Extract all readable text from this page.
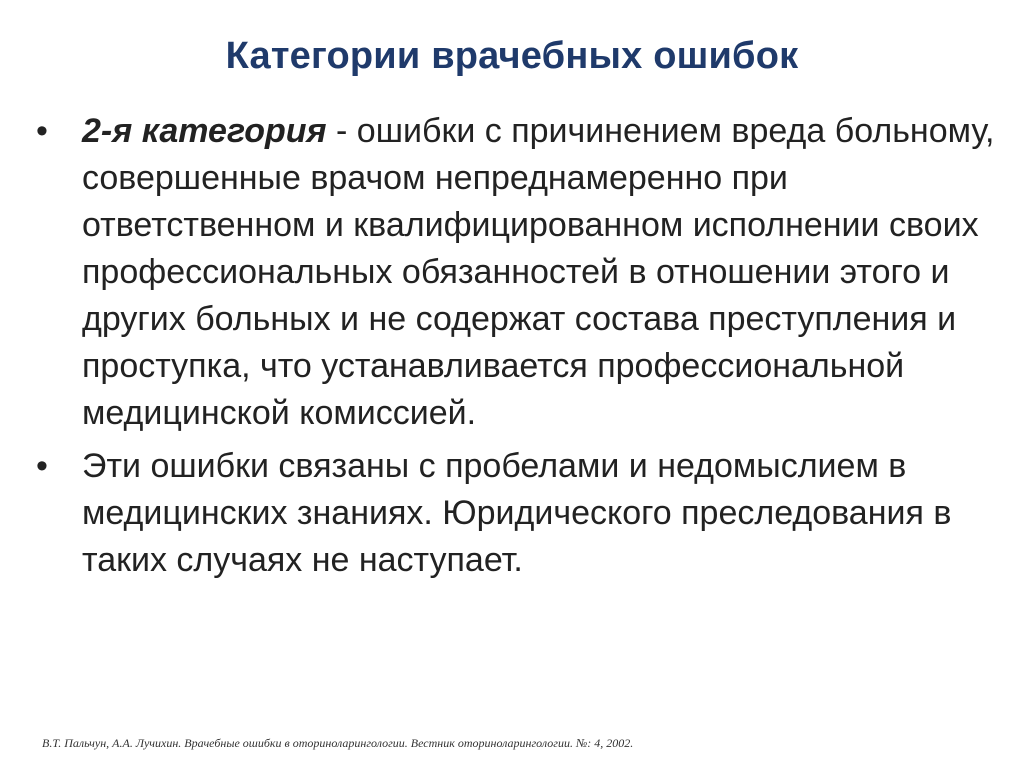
Категории врачебных ошибок
•	2-я категория - ошибки с причинением вреда больному, совершенные врачом непреднамеренно при ответственном и квалифицированном исполнении своих профессиональных обязанностей в отношении этого и других больных и не содержат состава преступления и проступка, что устанавливается профессиональной медицинской комиссией.
•	Эти ошибки связаны с пробелами и недомыслием в медицинских знаниях. Юридического преследования в таких случаях не наступает.
В.Т. Пальчун, А.А. Лучихин. Врачебные ошибки в оториноларингологии. Вестник оториноларингологии. №: 4, 2002.
